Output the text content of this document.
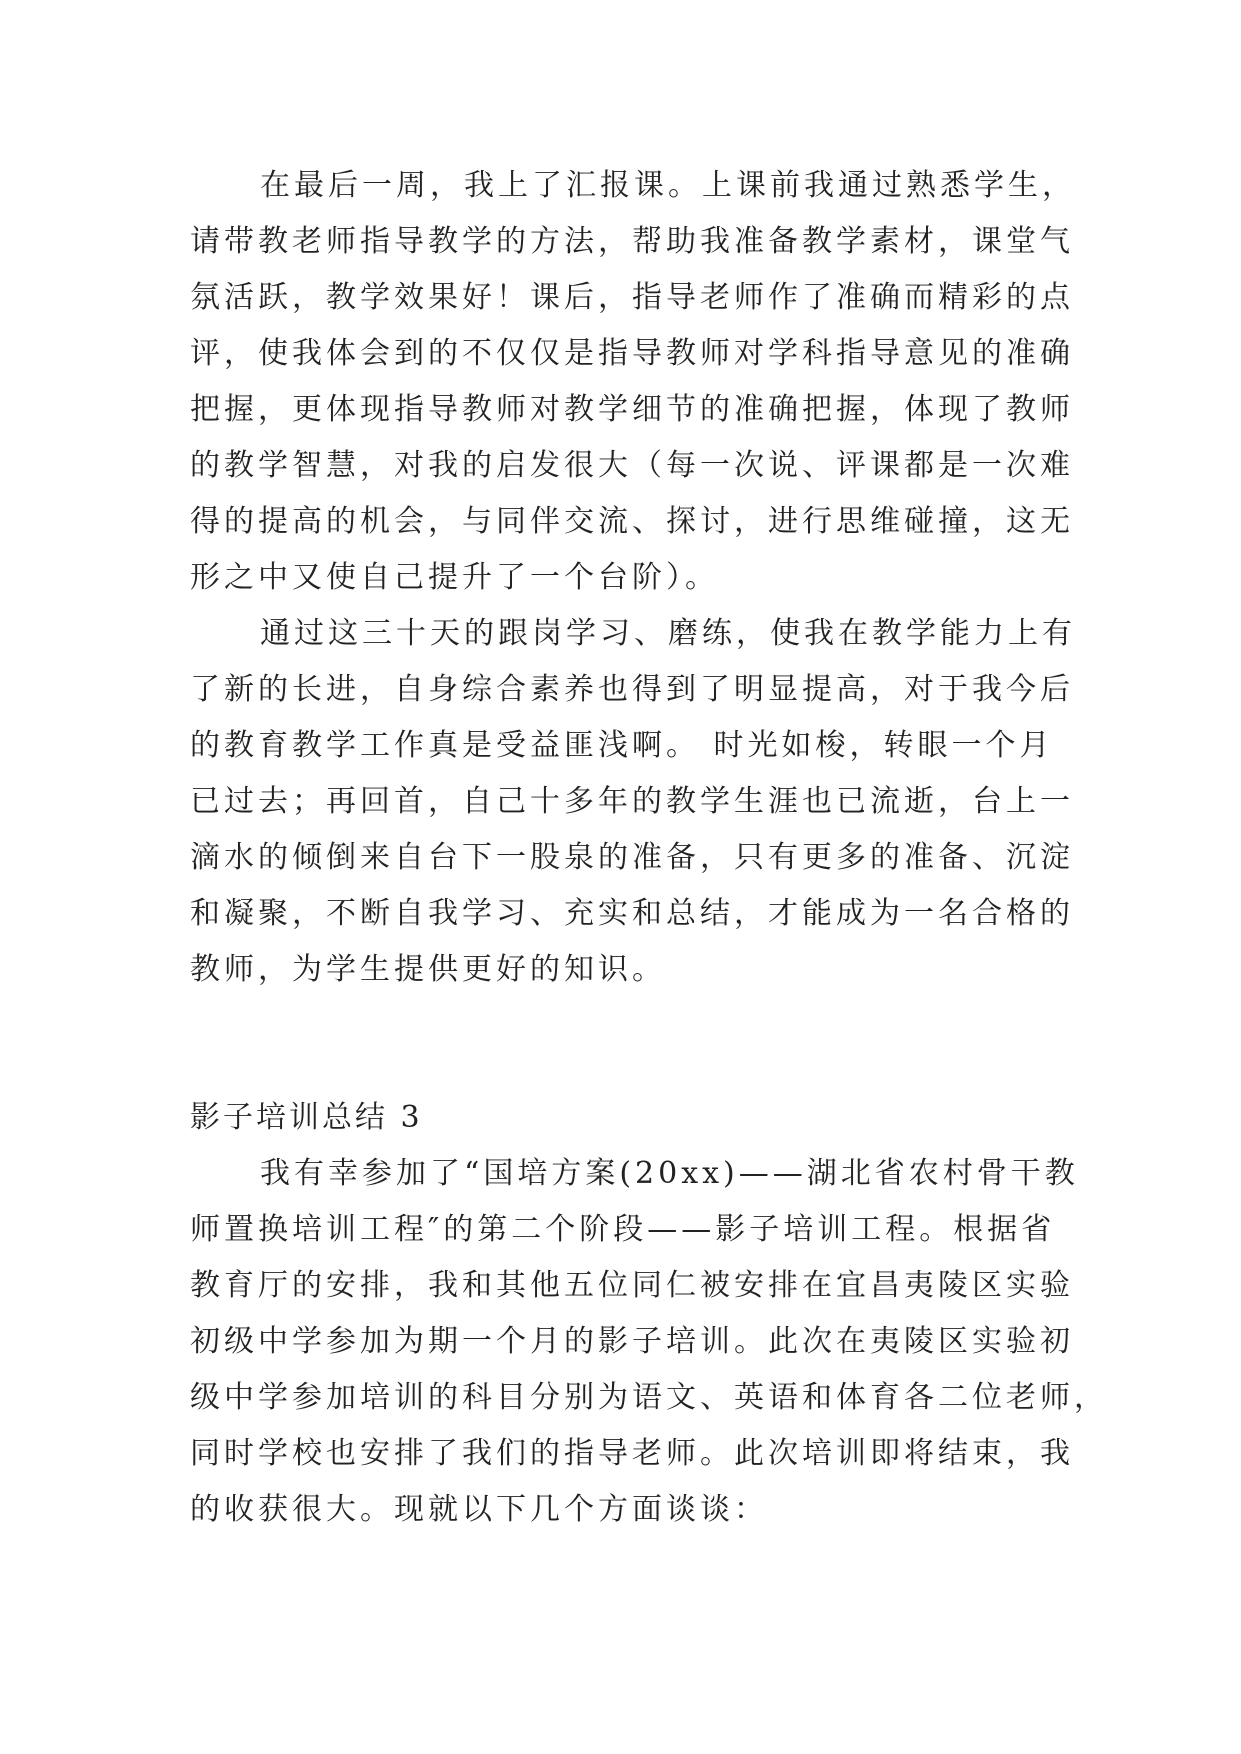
在最后一周，我上了汇报课。上课前我通过熟悉学生，
请带教老师指导教学的方法，帮助我准备教学素材，课堂气
氛活跃，教学效果好！课后，指导老师作了准确而精彩的点
评，使我体会到的不仅仅是指导教师对学科指导意见的准确
把握，更体现指导教师对教学细节的准确把握，体现了教师
的教学智慧，对我的启发很大（每一次说、评课都是一次难
得的提高的机会，与同伴交流、探讨，进行思维碰撞，这无
形之中又使自己提升了一个台阶）。
通过这三十天的跟岗学习、磨练，使我在教学能力上有
了新的长进，自身综合素养也得到了明显提高，对于我今后
的教育教学工作真是受益匪浅啊。 时光如梭，转眼一个月
已过去；再回首，自己十多年的教学生涯也已流逝，台上一
滴水的倾倒来自台下一股泉的准备，只有更多的准备、沉淀
和凝聚，不断自我学习、充实和总结，才能成为一名合格的
教师，为学生提供更好的知识。
影子培训总结 3
我有幸参加了“国培方案(20xx)——湖北省农村骨干教
师置换培训工程″的第二个阶段——影子培训工程。根据省
教育厅的安排，我和其他五位同仁被安排在宜昌夷陵区实验
初级中学参加为期一个月的影子培训。此次在夷陵区实验初
级中学参加培训的科目分别为语文、英语和体育各二位老师，
同时学校也安排了我们的指导老师。此次培训即将结束，我
的收获很大。现就以下几个方面谈谈：
